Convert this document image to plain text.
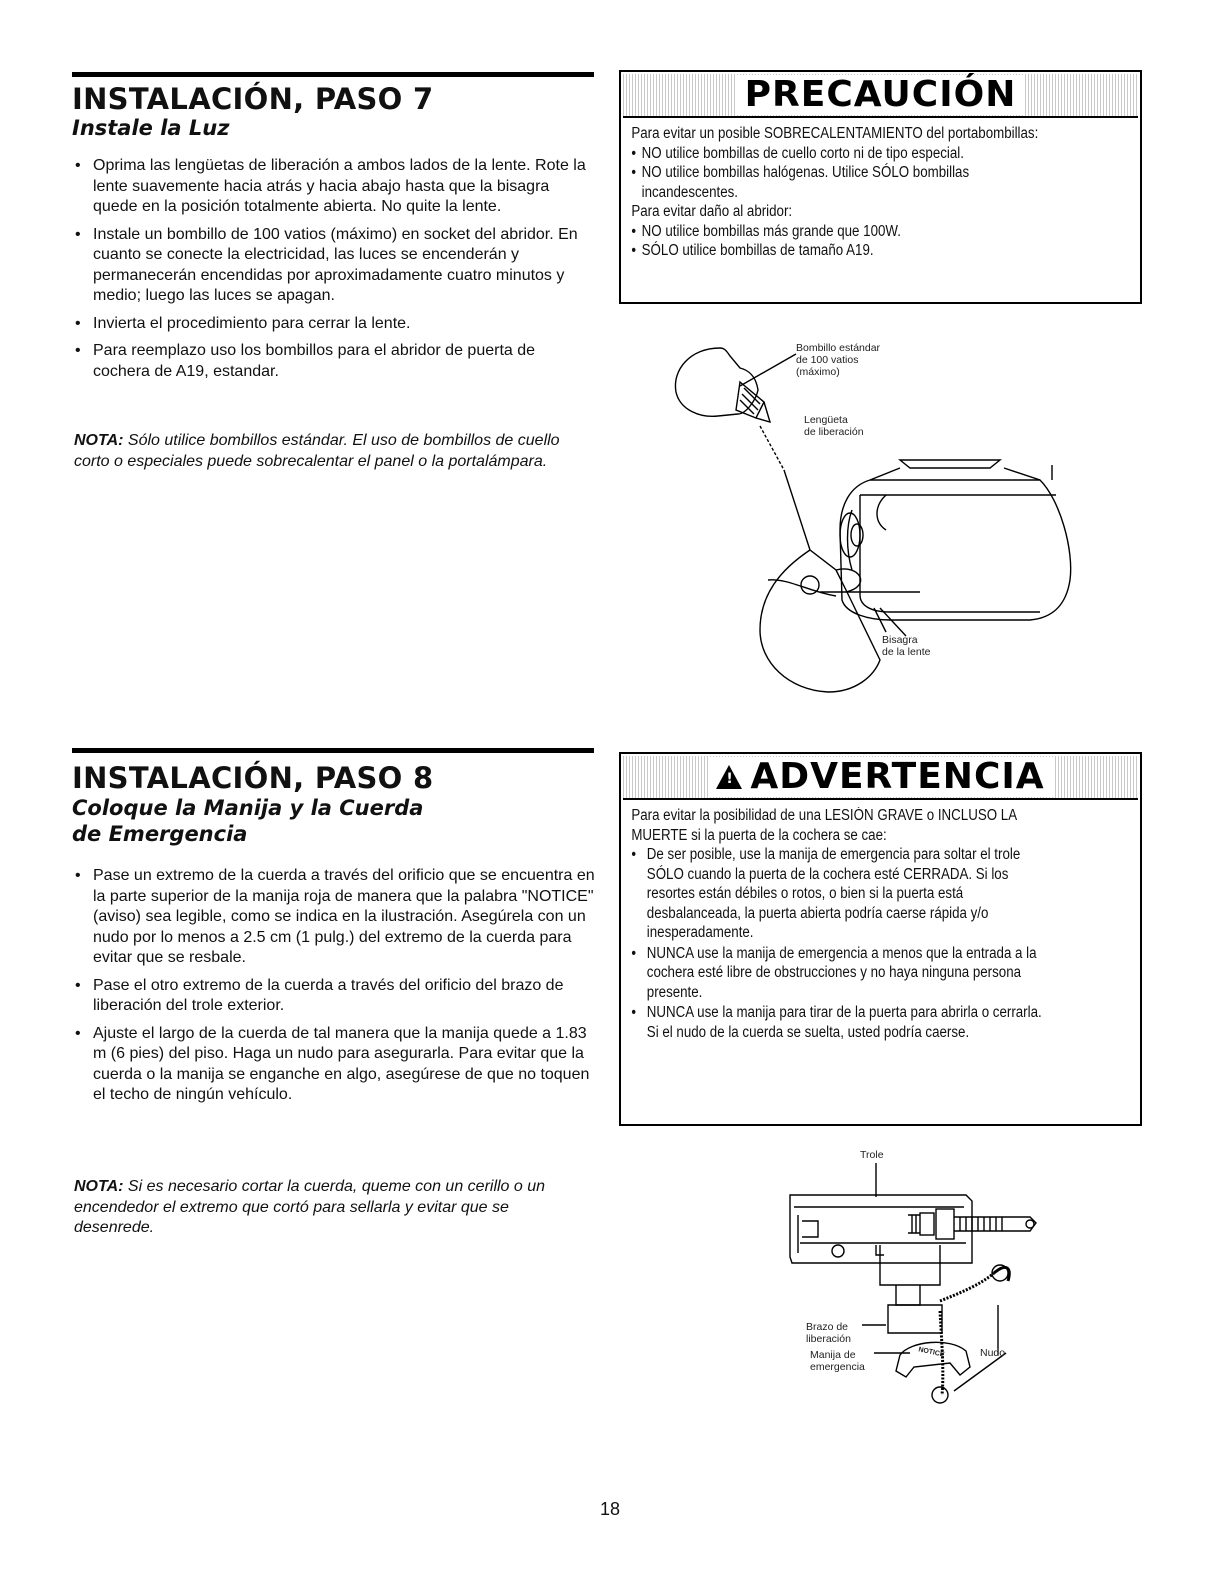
INSTALACIÓN, PASO 7
Instale la Luz
• Oprima las lengüetas de liberación a ambos lados de la lente. Rote la lente suavemente hacia atrás y hacia abajo hasta que la bisagra quede en la posición totalmente abierta. No quite la lente.
• Instale un bombillo de 100 vatios (máximo) en socket del abridor. En cuanto se conecte la electricidad, las luces se encenderán y permanecerán encendidas por aproximadamente cuatro minutos y medio; luego las luces se apagan.
• Invierta el procedimiento para cerrar la lente.
• Para reemplazo uso los bombillos para el abridor de puerta de cochera de A19, estandar.
NOTA: Sólo utilice bombillos estándar. El uso de bombillos de cuello corto o especiales puede sobrecalentar el panel o la portalámpara.
PRECAUCIÓN

Para evitar un posible SOBRECALENTAMIENTO del portabombillas:

• NO utilice bombillas de cuello corto ni de tipo especial.
• NO utilice bombillas halógenas. Utilice SÓLO bombillas incandescentes.

Para evitar daño al abridor:

• NO utilice bombillas más grande que 100W.
• SÓLO utilice bombillas de tamaño A19.
Bombillo estándar
de 100 vatios
(máximo)
Lengüeta
de liberación
Bisagra
de la lente
INSTALACIÓN, PASO 8
Coloque la Manija y la Cuerda
de Emergencia
• Pase un extremo de la cuerda a través del orificio que se encuentra en la parte superior de la manija roja de manera que la palabra "NOTICE" (aviso) sea legible, como se indica en la ilustración. Asegúrela con un nudo por lo menos a 2.5 cm (1 pulg.) del extremo de la cuerda para evitar que se resbale.
• Pase el otro extremo de la cuerda a través del orificio del brazo de liberación del trole exterior.
• Ajuste el largo de la cuerda de tal manera que la manija quede a 1.83 m (6 pies) del piso. Haga un nudo para asegurarla. Para evitar que la cuerda o la manija se enganche en algo, asegúrese de que no toquen el techo de ningún vehículo.
NOTA: Si es necesario cortar la cuerda, queme con un cerillo o un encendedor el extremo que cortó para sellarla y evitar que se desenrede.
! ADVERTENCIA

Para evitar la posibilidad de una LESIÓN GRAVE o INCLUSO LA MUERTE si la puerta de la cochera se cae:

• De ser posible, use la manija de emergencia para soltar el trole SÓLO cuando la puerta de la cochera esté CERRADA. Si los resortes están débiles o rotos, o bien si la puerta está desbalanceada, la puerta abierta podría caerse rápida y/o inesperadamente.
• NUNCA use la manija de emergencia a menos que la entrada a la cochera esté libre de obstrucciones y no haya ninguna persona presente.
• NUNCA use la manija para tirar de la puerta para abrirla o cerrarla. Si el nudo de la cuerda se suelta, usted podría caerse.
Trole
Brazo de
liberación
Manija de
emergencia
Nudo
NOTICE
18
